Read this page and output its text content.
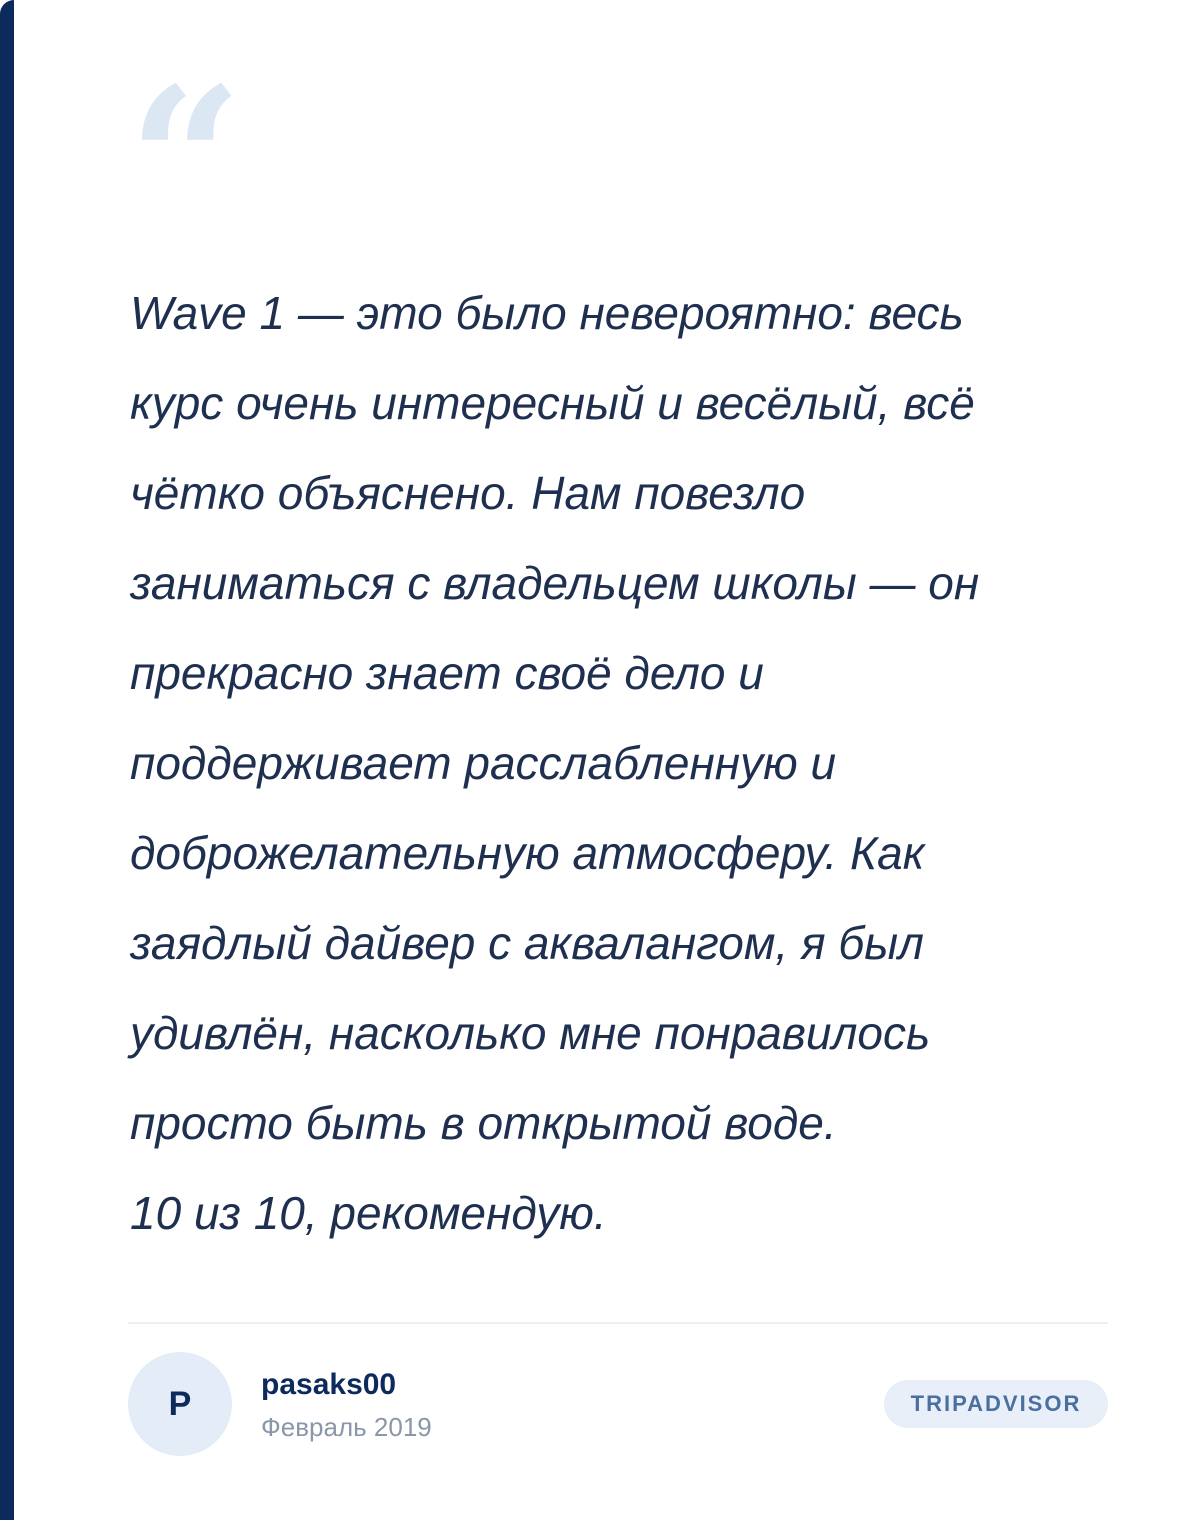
“
Wave 1 — это было невероятно: весь
курс очень интересный и весёлый, всё
чётко объяснено. Нам повезло
заниматься с владельцем школы — он
прекрасно знает своё дело и
поддерживает расслабленную и
доброжелательную атмосферу. Как
заядлый дайвер с аквалангом, я был
удивлён, насколько мне понравилось
просто быть в открытой воде.
10 из 10, рекомендую.
P	pasaks00
Февраль 2019
TRIPADVISOR
